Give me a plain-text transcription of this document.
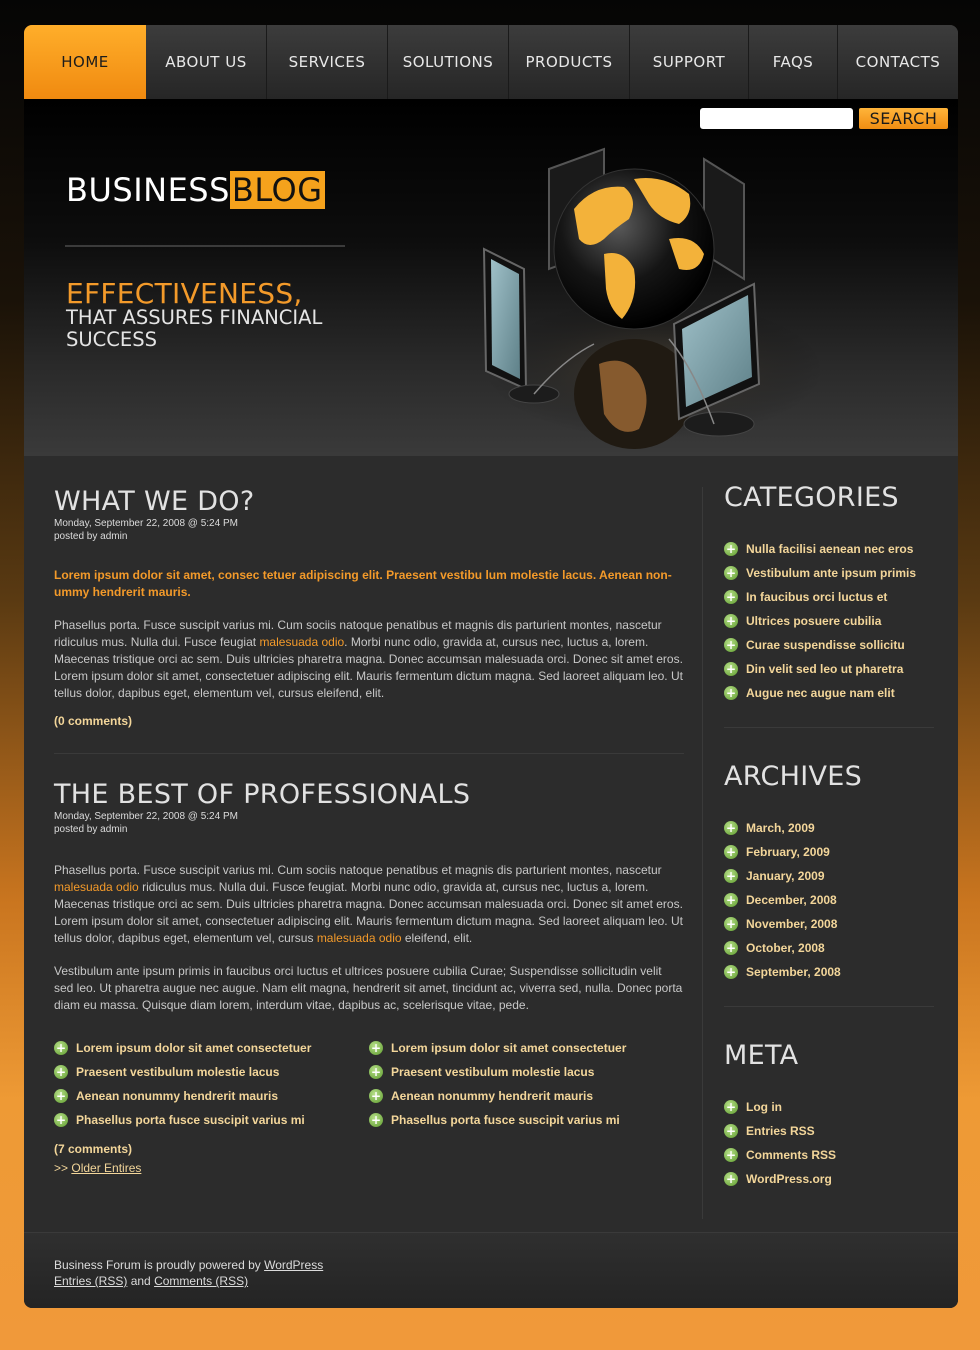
HOME	ABOUT US	SERVICES	SOLUTIONS	PRODUCTS	SUPPORT	FAQS	CONTACTS
SEARCH
BUSINESSBLOG
EFFECTIVENESS,
THAT ASSURES FINANCIAL SUCCESS
WHAT WE DO?
Monday, September 22, 2008 @ 5:24 PM
posted by admin
Lorem ipsum dolor sit amet, consec tetuer adipiscing elit. Praesent vestibu lum molestie lacus. Aenean non-ummy hendrerit mauris.
Phasellus porta. Fusce suscipit varius mi. Cum sociis natoque penatibus et magnis dis parturient montes, nascetur ridiculus mus. Nulla dui. Fusce feugiat malesuada odio. Morbi nunc odio, gravida at, cursus nec, luctus a, lorem. Maecenas tristique orci ac sem. Duis ultricies pharetra magna. Donec accumsan malesuada orci. Donec sit amet eros. Lorem ipsum dolor sit amet, consectetuer adipiscing elit. Mauris fermentum dictum magna. Sed laoreet aliquam leo. Ut tellus dolor, dapibus eget, elementum vel, cursus eleifend, elit.
(0 comments)
THE BEST OF PROFESSIONALS
Monday, September 22, 2008 @ 5:24 PM
posted by admin
Phasellus porta. Fusce suscipit varius mi. Cum sociis natoque penatibus et magnis dis parturient montes, nascetur malesuada odio ridiculus mus. Nulla dui. Fusce feugiat. Morbi nunc odio, gravida at, cursus nec, luctus a, lorem. Maecenas tristique orci ac sem. Duis ultricies pharetra magna. Donec accumsan malesuada orci. Donec sit amet eros. Lorem ipsum dolor sit amet, consectetuer adipiscing elit. Mauris fermentum dictum magna. Sed laoreet aliquam leo. Ut tellus dolor, dapibus eget, elementum vel, cursus malesuada odio eleifend, elit.
Vestibulum ante ipsum primis in faucibus orci luctus et ultrices posuere cubilia Curae; Suspendisse sollicitudin velit sed leo. Ut pharetra augue nec augue. Nam elit magna, hendrerit sit amet, tincidunt ac, viverra sed, nulla. Donec porta diam eu massa. Quisque diam lorem, interdum vitae, dapibus ac, scelerisque vitae, pede.
+ Lorem ipsum dolor sit amet consectetuer
+ Praesent vestibulum molestie lacus
+ Aenean nonummy hendrerit mauris
+ Phasellus porta fusce suscipit varius mi
+ Lorem ipsum dolor sit amet consectetuer
+ Praesent vestibulum molestie lacus
+ Aenean nonummy hendrerit mauris
+ Phasellus porta fusce suscipit varius mi
(7 comments)
>> Older Entires
CATEGORIES
+ Nulla facilisi aenean nec eros
+ Vestibulum ante ipsum primis
+ In faucibus orci luctus et
+ Ultrices posuere cubilia
+ Curae suspendisse sollicitu
+ Din velit sed leo ut pharetra
+ Augue nec augue nam elit
ARCHIVES
+ March, 2009
+ February, 2009
+ January, 2009
+ December, 2008
+ November, 2008
+ October, 2008
+ September, 2008
META
+ Log in
+ Entries RSS
+ Comments RSS
+ WordPress.org
Business Forum is proudly powered by WordPress
Entries (RSS) and Comments (RSS)
